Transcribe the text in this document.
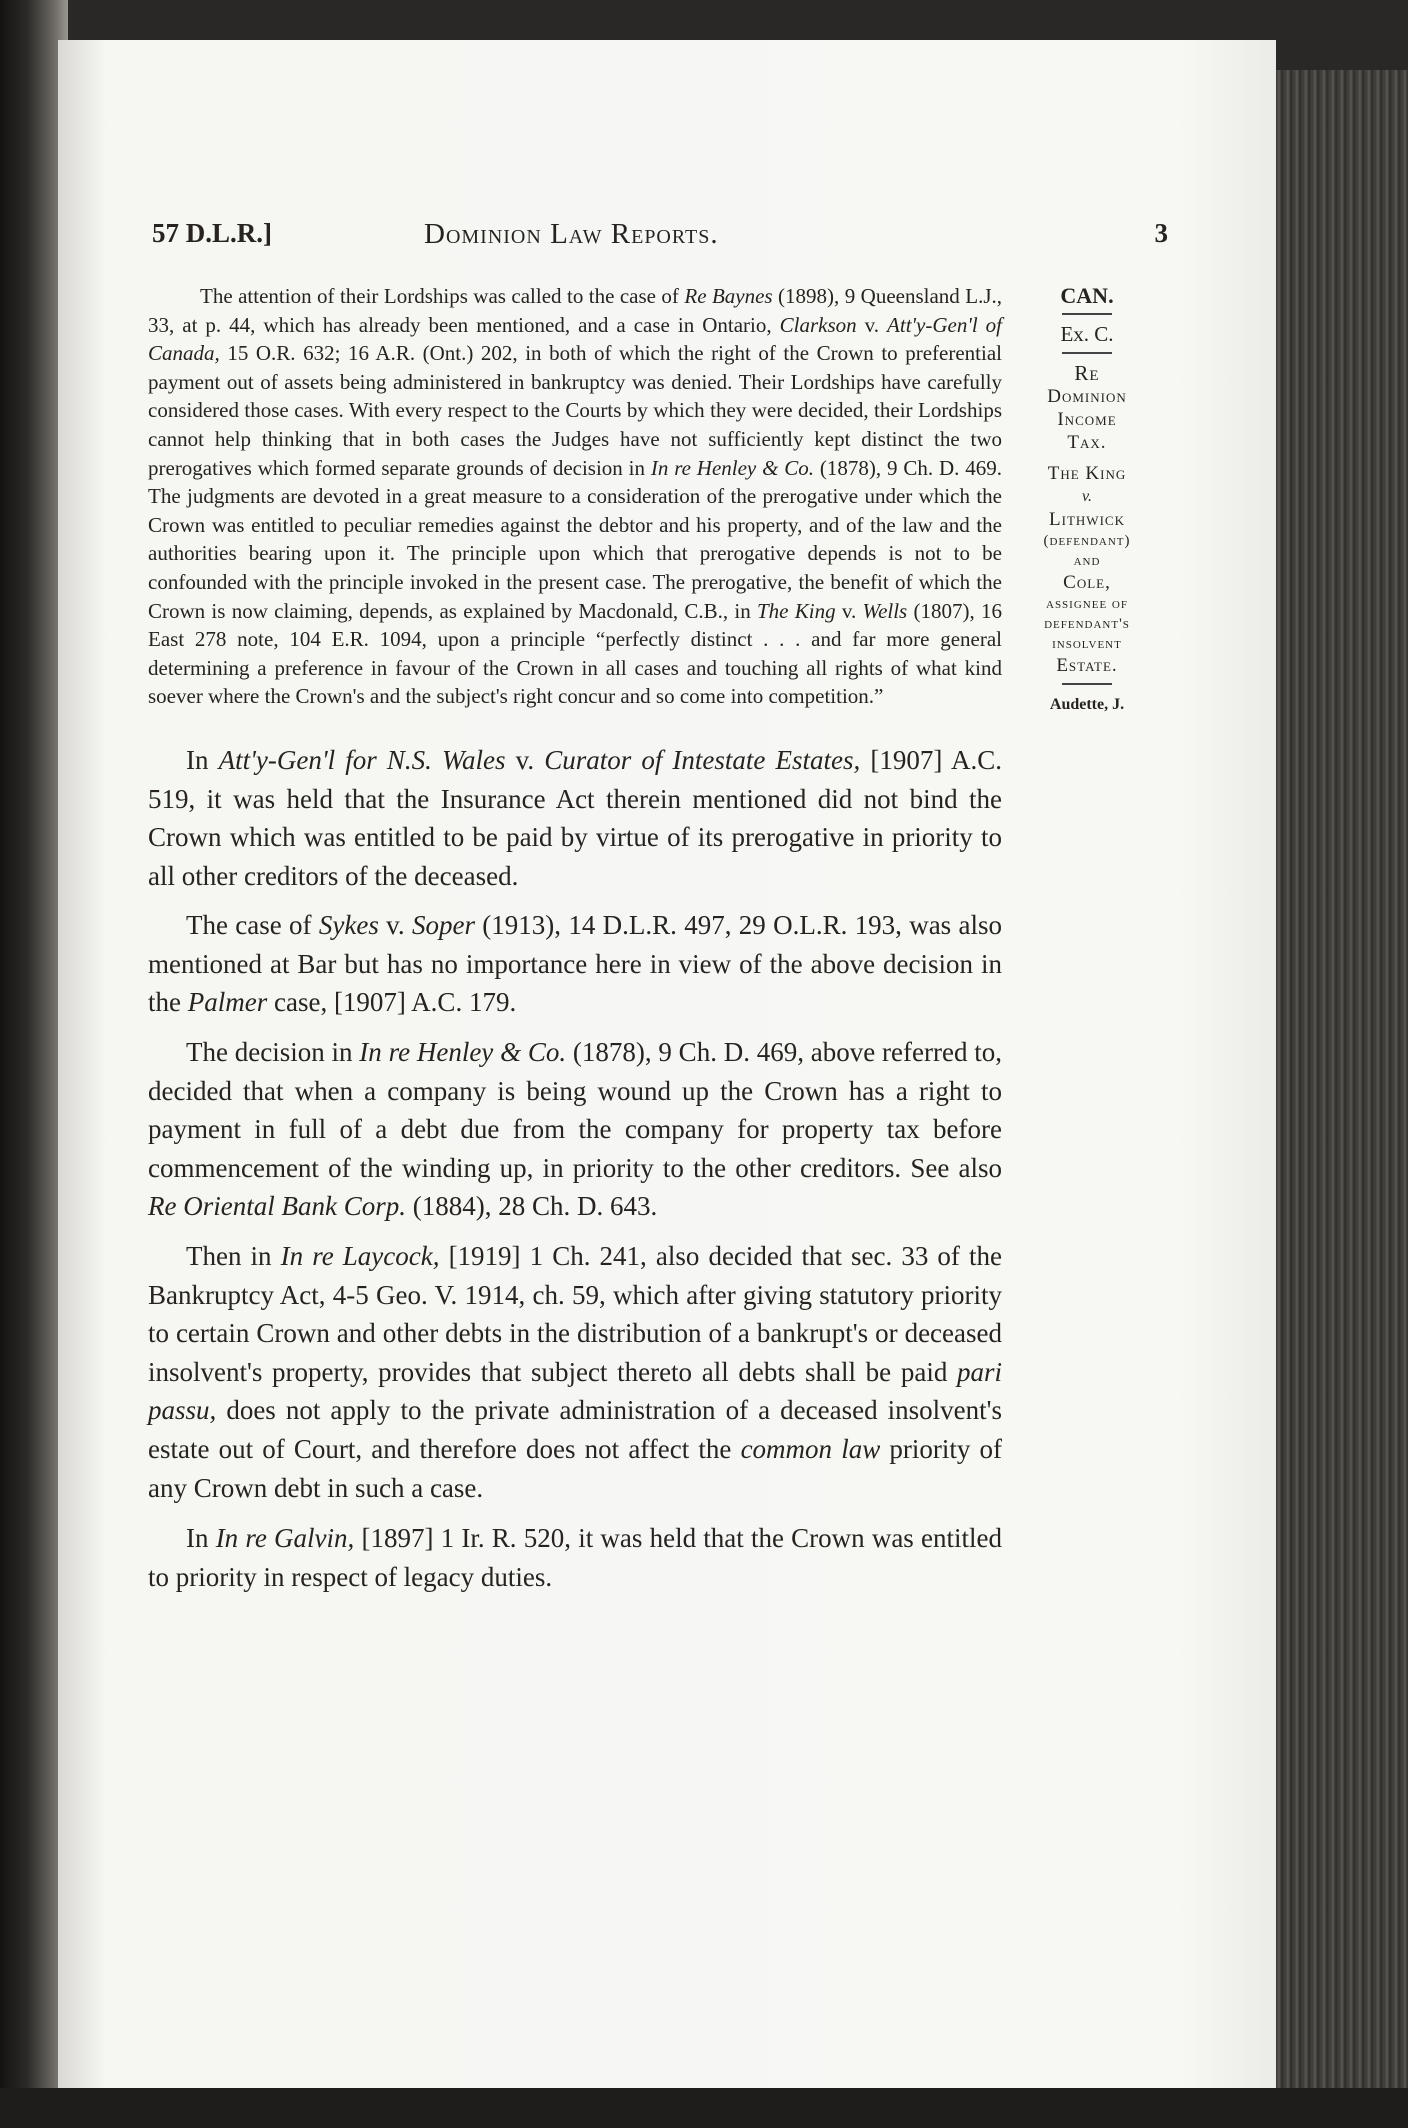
57 D.L.R.]	Dominion Law Reports.	3

The attention of their Lordships was called to the case of Re Baynes (1898), 9 Queensland L.J., 33, at p. 44, which has already been mentioned, and a case in Ontario, Clarkson v. Att'y-Gen'l of Canada, 15 O.R. 632; 16 A.R. (Ont.) 202, in both of which the right of the Crown to preferential payment out of assets being administered in bankruptcy was denied. Their Lordships have carefully considered those cases. With every respect to the Courts by which they were decided, their Lordships cannot help thinking that in both cases the Judges have not sufficiently kept distinct the two prerogatives which formed separate grounds of decision in In re Henley & Co. (1878), 9 Ch. D. 469. The judgments are devoted in a great measure to a consideration of the prerogative under which the Crown was entitled to peculiar remedies against the debtor and his property, and of the law and the authorities bearing upon it. The principle upon which that prerogative depends is not to be confounded with the principle invoked in the present case. The prerogative, the benefit of which the Crown is now claiming, depends, as explained by Macdonald, C.B., in The King v. Wells (1807), 16 East 278 note, 104 E.R. 1094, upon a principle “perfectly distinct . . . and far more general determining a preference in favour of the Crown in all cases and touching all rights of what kind soever where the Crown's and the subject's right concur and so come into competition.”

In Att'y-Gen'l for N.S. Wales v. Curator of Intestate Estates, [1907] A.C. 519, it was held that the Insurance Act therein mentioned did not bind the Crown which was entitled to be paid by virtue of its prerogative in priority to all other creditors of the deceased.

The case of Sykes v. Soper (1913), 14 D.L.R. 497, 29 O.L.R. 193, was also mentioned at Bar but has no importance here in view of the above decision in the Palmer case, [1907] A.C. 179.

The decision in In re Henley & Co. (1878), 9 Ch. D. 469, above referred to, decided that when a company is being wound up the Crown has a right to payment in full of a debt due from the company for property tax before commencement of the winding up, in priority to the other creditors. See also Re Oriental Bank Corp. (1884), 28 Ch. D. 643.

Then in In re Laycock, [1919] 1 Ch. 241, also decided that sec. 33 of the Bankruptcy Act, 4-5 Geo. V. 1914, ch. 59, which after giving statutory priority to certain Crown and other debts in the distribution of a bankrupt's or deceased insolvent's property, provides that subject thereto all debts shall be paid pari passu, does not apply to the private administration of a deceased insolvent's estate out of Court, and therefore does not affect the common law priority of any Crown debt in such a case.

In In re Galvin, [1897] 1 Ir. R. 520, it was held that the Crown was entitled to priority in respect of legacy duties.

CAN.
Ex. C.
Re
Dominion
Income
Tax.
The King
v.
Lithwick
(defendant)
and
Cole,
assignee of
defendant's
insolvent
Estate.
Audette, J.
